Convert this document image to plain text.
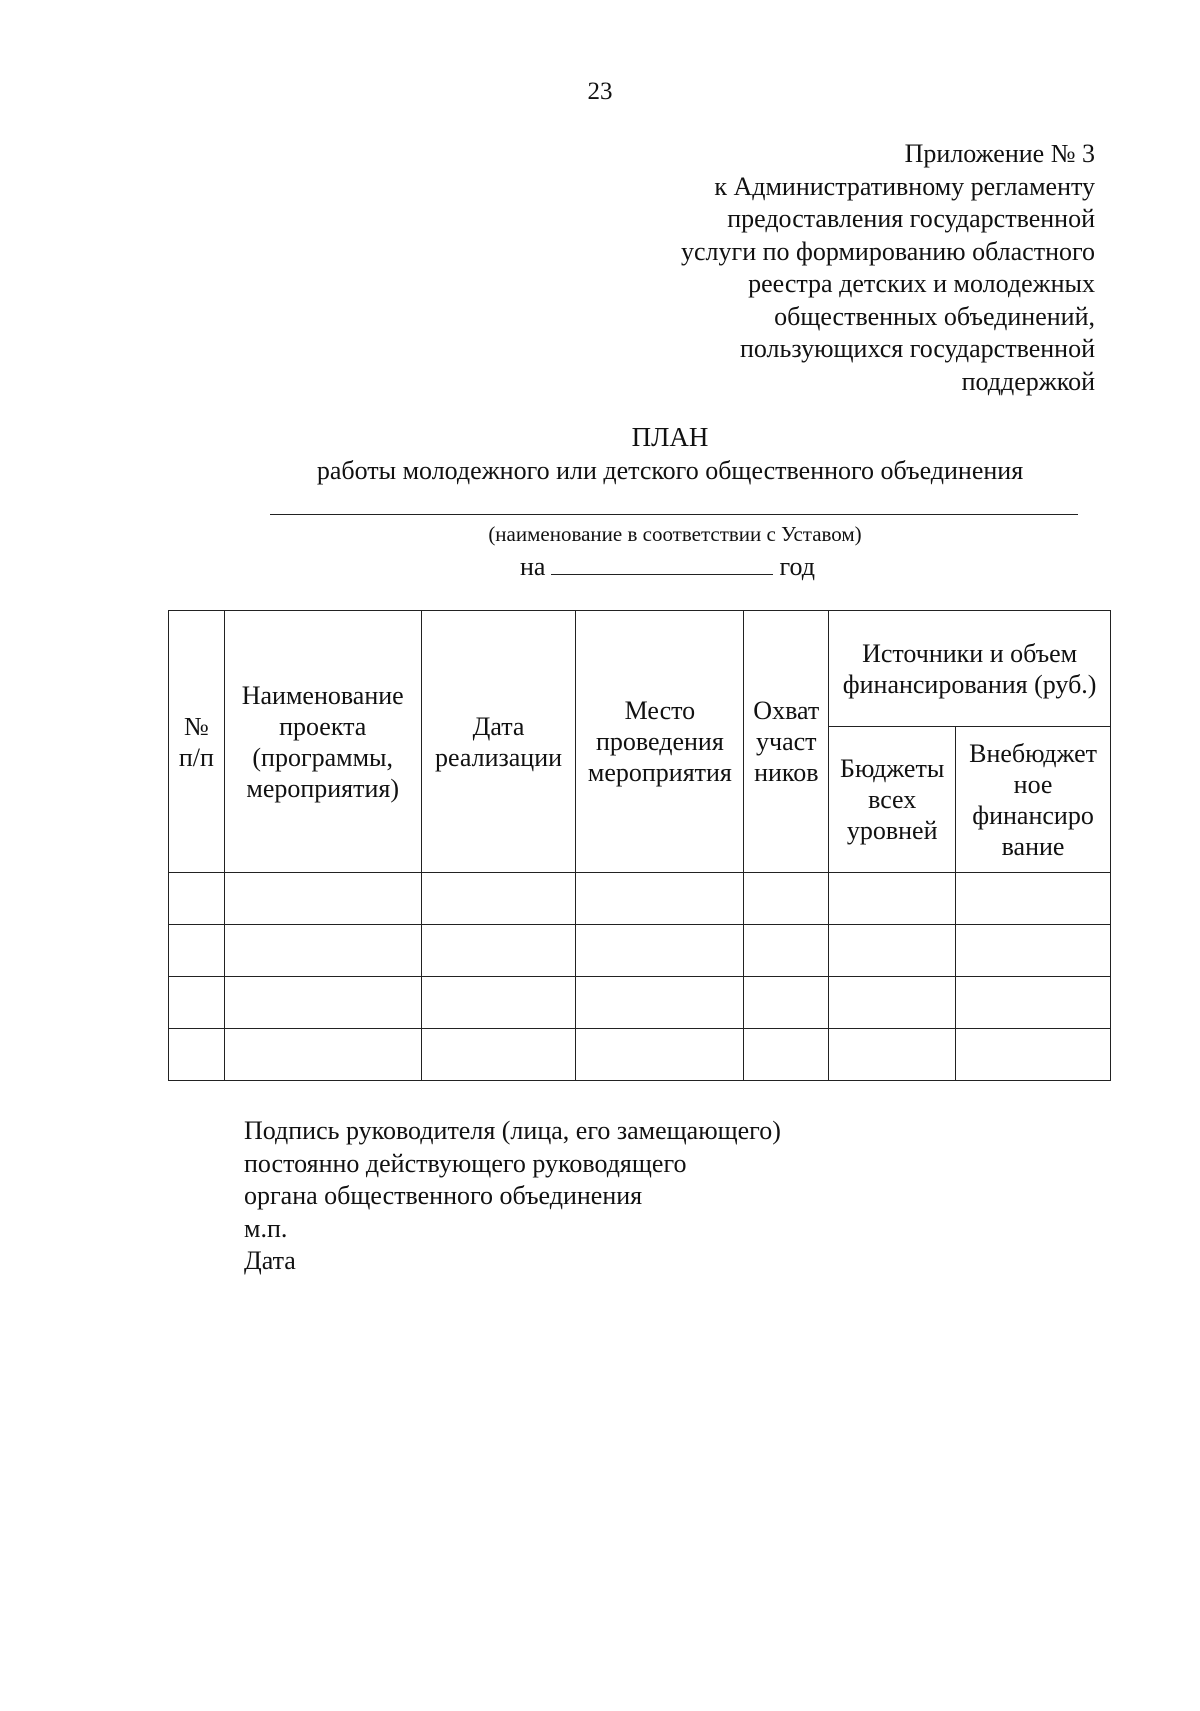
23
Приложение № 3
к Административному регламенту
предоставления государственной
услуги по формированию областного
реестра детских и молодежных
общественных объединений,
пользующихся государственной
поддержкой
ПЛАН
работы молодежного или детского общественного объединения
(наименование в соответствии с Уставом)
на	год
№ п/п	Наименование проекта (программы, мероприятия)	Дата реализации	Место проведения мероприятия	Охват участ ников	Источники и объем финансирования (руб.)	
					Бюджеты всех уровней	Внебюджет ное финансиро вание

Подпись руководителя (лица, его замещающего)
постоянно действующего руководящего
органа общественного объединения
м.п.
Дата
